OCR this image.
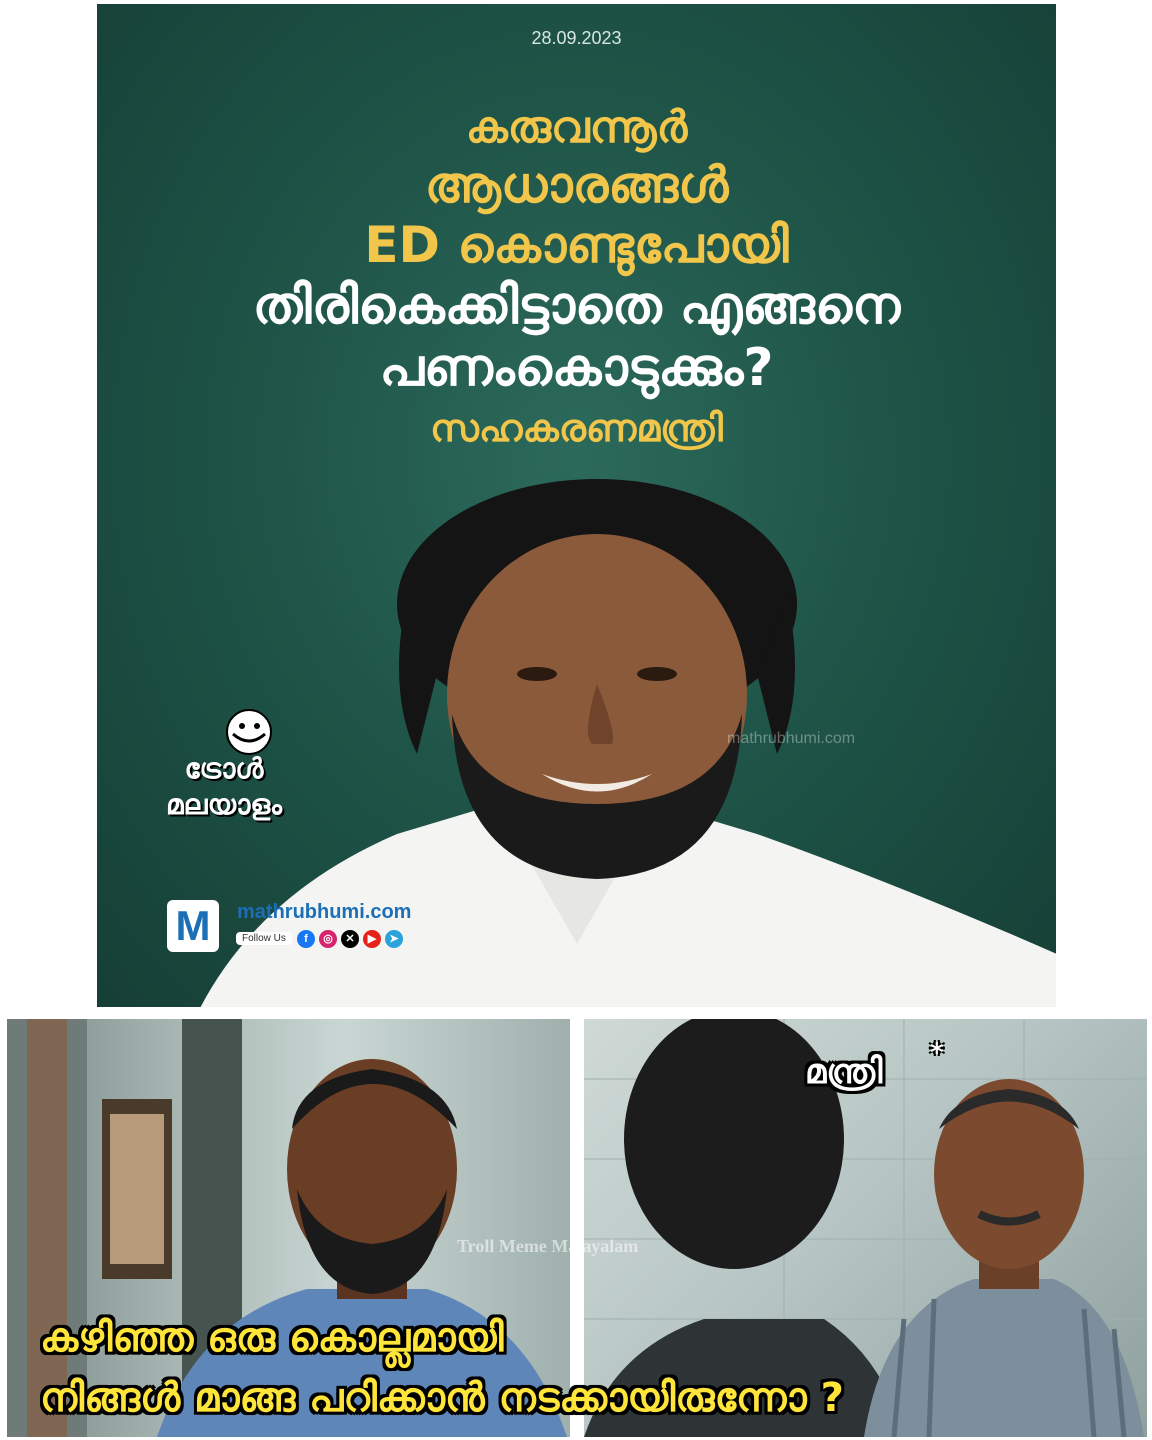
28.09.2023
കരുവന്നൂർ
ആധാരങ്ങൾ
ED കൊണ്ടുപോയി
തിരികെക്കിട്ടാതെ എങ്ങനെ
പണംകൊടുക്കും?
സഹകരണമന്ത്രി
mathrubhumi.com
M	mathrubhumi.com
Follow Us	f	◎	✕	▶	➤
ട്രോൾ
മലയാളം
Troll Meme Malayalam
മന്ത്രി *
കഴിഞ്ഞ ഒരു കൊല്ലമായി
നിങ്ങൾ മാങ്ങ പറിക്കാൻ നടക്കായിരുന്നോ ?
